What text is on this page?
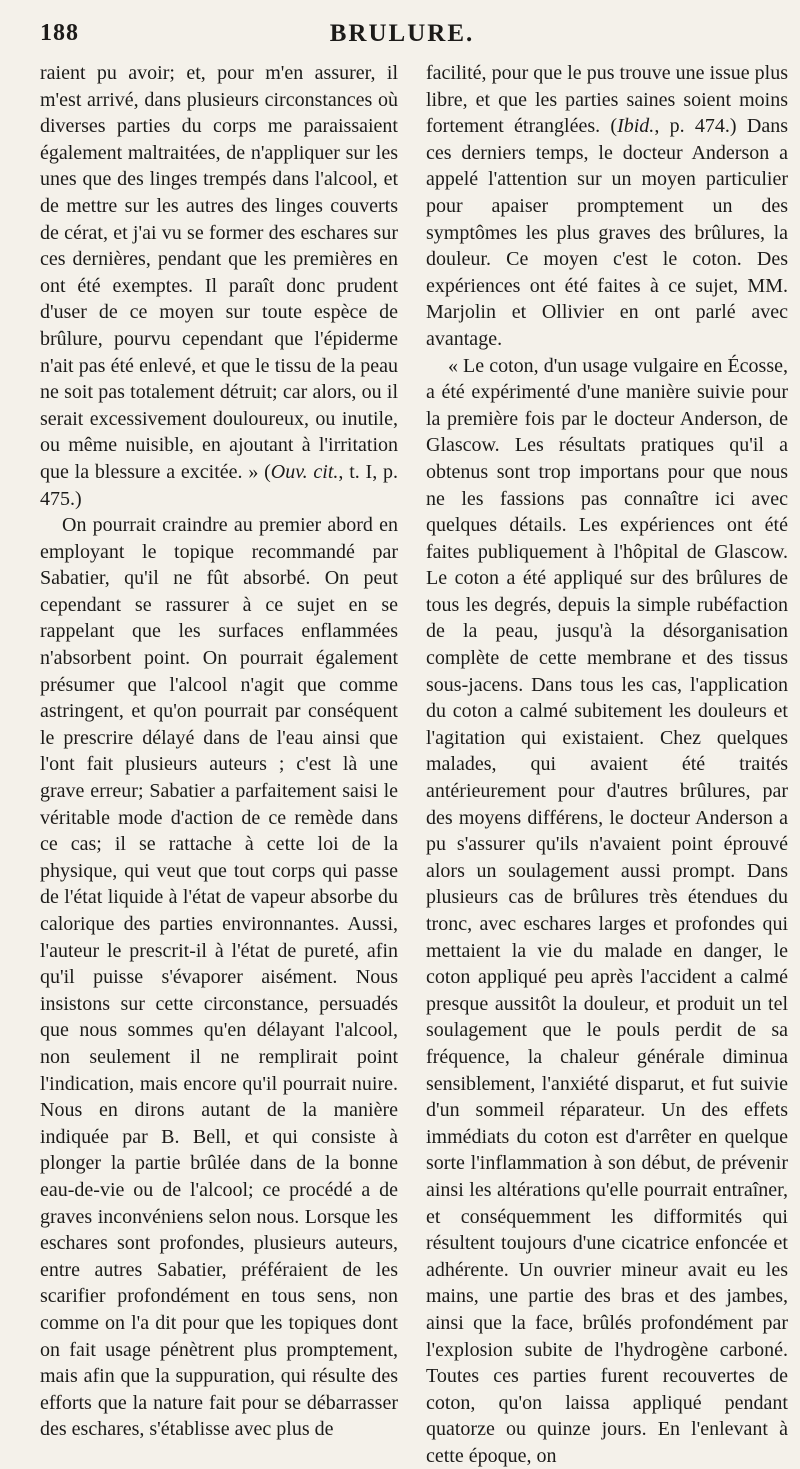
188	BRULURE.

raient pu avoir; et, pour m'en assurer, il m'est arrivé, dans plusieurs circonstances où diverses parties du corps me paraissaient également maltraitées, de n'appliquer sur les unes que des linges trempés dans l'alcool, et de mettre sur les autres des linges couverts de cérat, et j'ai vu se former des eschares sur ces dernières, pendant que les premières en ont été exemptes. Il paraît donc prudent d'user de ce moyen sur toute espèce de brûlure, pourvu cependant que l'épiderme n'ait pas été enlevé, et que le tissu de la peau ne soit pas totalement détruit; car alors, ou il serait excessivement douloureux, ou inutile, ou même nuisible, en ajoutant à l'irritation que la blessure a excitée. » (Ouv. cit., t. I, p. 475.)

On pourrait craindre au premier abord en employant le topique recommandé par Sabatier, qu'il ne fût absorbé. On peut cependant se rassurer à ce sujet en se rappelant que les surfaces enflammées n'absorbent point. On pourrait également présumer que l'alcool n'agit que comme astringent, et qu'on pourrait par conséquent le prescrire délayé dans de l'eau ainsi que l'ont fait plusieurs auteurs ; c'est là une grave erreur; Sabatier a parfaitement saisi le véritable mode d'action de ce remède dans ce cas; il se rattache à cette loi de la physique, qui veut que tout corps qui passe de l'état liquide à l'état de vapeur absorbe du calorique des parties environnantes. Aussi, l'auteur le prescrit-il à l'état de pureté, afin qu'il puisse s'évaporer aisément. Nous insistons sur cette circonstance, persuadés que nous sommes qu'en délayant l'alcool, non seulement il ne remplirait point l'indication, mais encore qu'il pourrait nuire. Nous en dirons autant de la manière indiquée par B. Bell, et qui consiste à plonger la partie brûlée dans de la bonne eau-de-vie ou de l'alcool; ce procédé a de graves inconvéniens selon nous. Lorsque les eschares sont profondes, plusieurs auteurs, entre autres Sabatier, préféraient de les scarifier profondément en tous sens, non comme on l'a dit pour que les topiques dont on fait usage pénètrent plus promptement, mais afin que la suppuration, qui résulte des efforts que la nature fait pour se débarrasser des eschares, s'établisse avec plus de

facilité, pour que le pus trouve une issue plus libre, et que les parties saines soient moins fortement étranglées. (Ibid., p. 474.) Dans ces derniers temps, le docteur Anderson a appelé l'attention sur un moyen particulier pour apaiser promptement un des symptômes les plus graves des brûlures, la douleur. Ce moyen c'est le coton. Des expériences ont été faites à ce sujet, MM. Marjolin et Ollivier en ont parlé avec avantage.

« Le coton, d'un usage vulgaire en Écosse, a été expérimenté d'une manière suivie pour la première fois par le docteur Anderson, de Glascow. Les résultats pratiques qu'il a obtenus sont trop importans pour que nous ne les fassions pas connaître ici avec quelques détails. Les expériences ont été faites publiquement à l'hôpital de Glascow. Le coton a été appliqué sur des brûlures de tous les degrés, depuis la simple rubéfaction de la peau, jusqu'à la désorganisation complète de cette membrane et des tissus sous-jacens. Dans tous les cas, l'application du coton a calmé subitement les douleurs et l'agitation qui existaient. Chez quelques malades, qui avaient été traités antérieurement pour d'autres brûlures, par des moyens différens, le docteur Anderson a pu s'assurer qu'ils n'avaient point éprouvé alors un soulagement aussi prompt. Dans plusieurs cas de brûlures très étendues du tronc, avec eschares larges et profondes qui mettaient la vie du malade en danger, le coton appliqué peu après l'accident a calmé presque aussitôt la douleur, et produit un tel soulagement que le pouls perdit de sa fréquence, la chaleur générale diminua sensiblement, l'anxiété disparut, et fut suivie d'un sommeil réparateur. Un des effets immédiats du coton est d'arrêter en quelque sorte l'inflammation à son début, de prévenir ainsi les altérations qu'elle pourrait entraîner, et conséquemment les difformités qui résultent toujours d'une cicatrice enfoncée et adhérente. Un ouvrier mineur avait eu les mains, une partie des bras et des jambes, ainsi que la face, brûlés profondément par l'explosion subite de l'hydrogène carboné. Toutes ces parties furent recouvertes de coton, qu'on laissa appliqué pendant quatorze ou quinze jours. En l'enlevant à cette époque, on
